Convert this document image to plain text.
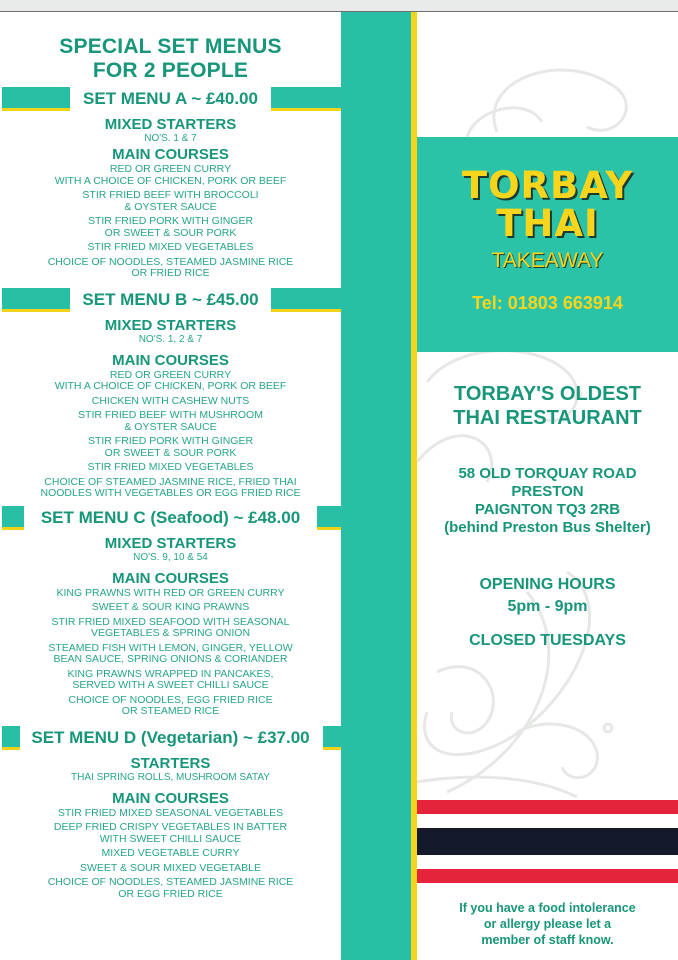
SPECIAL SET MENUS
FOR 2 PEOPLE
SET MENU A ~ £40.00
MIXED STARTERS
NO'S. 1 & 7
MAIN COURSES
RED OR GREEN CURRY
WITH A CHOICE OF CHICKEN, PORK OR BEEF
STIR FRIED BEEF WITH BROCCOLI
& OYSTER SAUCE
STIR FRIED PORK WITH GINGER
OR SWEET & SOUR PORK
STIR FRIED MIXED VEGETABLES
CHOICE OF NOODLES, STEAMED JASMINE RICE
OR FRIED RICE
SET MENU B ~ £45.00
MIXED STARTERS
NO'S. 1, 2 & 7
MAIN COURSES
RED OR GREEN CURRY
WITH A CHOICE OF CHICKEN, PORK OR BEEF
CHICKEN WITH CASHEW NUTS
STIR FRIED BEEF WITH MUSHROOM
& OYSTER SAUCE
STIR FRIED PORK WITH GINGER
OR SWEET & SOUR PORK
STIR FRIED MIXED VEGETABLES
CHOICE OF STEAMED JASMINE RICE, FRIED THAI
NOODLES WITH VEGETABLES OR EGG FRIED RICE
SET MENU C (Seafood) ~ £48.00
MIXED STARTERS
NO'S. 9, 10 & 54
MAIN COURSES
KING PRAWNS WITH RED OR GREEN CURRY
SWEET & SOUR KING PRAWNS
STIR FRIED MIXED SEAFOOD WITH SEASONAL
VEGETABLES & SPRING ONION
STEAMED FISH WITH LEMON, GINGER, YELLOW
BEAN SAUCE, SPRING ONIONS & CORIANDER
KING PRAWNS WRAPPED IN PANCAKES,
SERVED WITH A SWEET CHILLI SAUCE
CHOICE OF NOODLES, EGG FRIED RICE
OR STEAMED RICE
SET MENU D (Vegetarian) ~ £37.00
STARTERS
THAI SPRING ROLLS, MUSHROOM SATAY
MAIN COURSES
STIR FRIED MIXED SEASONAL VEGETABLES
DEEP FRIED CRISPY VEGETABLES IN BATTER
WITH SWEET CHILLI SAUCE
MIXED VEGETABLE CURRY
SWEET & SOUR MIXED VEGETABLE
CHOICE OF NOODLES, STEAMED JASMINE RICE
OR EGG FRIED RICE
TORBAY
THAI
TAKEAWAY
Tel: 01803 663914
TORBAY'S OLDEST
THAI RESTAURANT
58 OLD TORQUAY ROAD
PRESTON
PAIGNTON TQ3 2RB
(behind Preston Bus Shelter)
OPENING HOURS
5pm - 9pm
CLOSED TUESDAYS
If you have a food intolerance
or allergy please let a
member of staff know.
